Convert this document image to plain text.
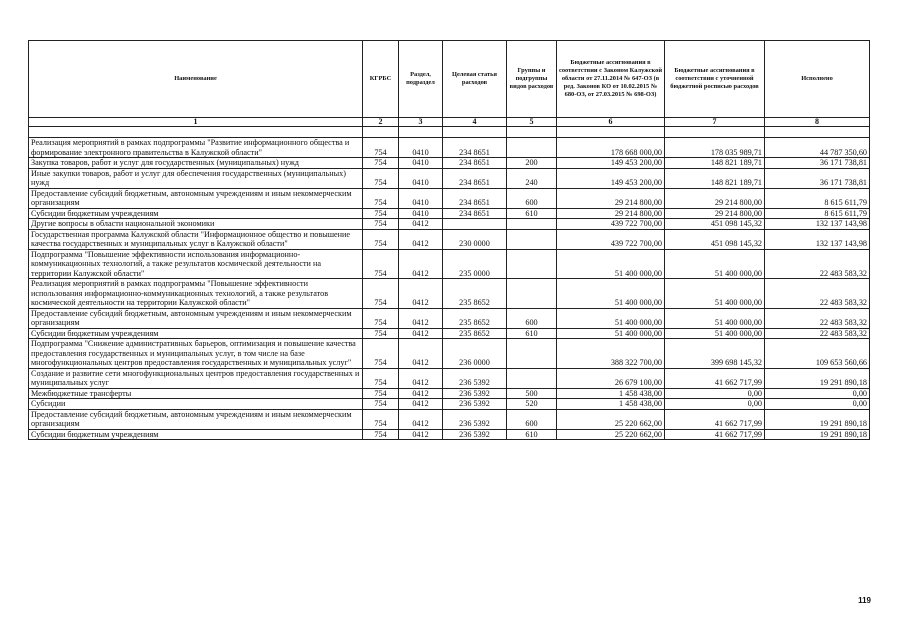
Наименование	КГРБС	Раздел, подраздел	Целевая статья расходов	Группы и подгруппы видов расходов	Бюджетные ассигнования в соответствии с Законом Калужской области от 27.11.2014 № 647-ОЗ (в ред. Законов КО от 10.02.2015 № 680-ОЗ, от 27.03.2015 № 698-ОЗ)	Бюджетные ассигнования в соответствии с уточненной бюджетной росписью расходов	Исполнено
1	2	3	4	5	6	7	8

Реализация мероприятий в рамках подпрограммы "Развитие информационного общества и формирование электронного правительства в Калужской области"	754	0410	234 8651		178 668 000,00	178 035 989,71	44 787 350,60
Закупка товаров, работ и услуг для государственных (муниципальных) нужд	754	0410	234 8651	200	149 453 200,00	148 821 189,71	36 171 738,81
Иные закупки товаров, работ и услуг для обеспечения государственных (муниципальных) нужд	754	0410	234 8651	240	149 453 200,00	148 821 189,71	36 171 738,81
Предоставление субсидий бюджетным, автономным учреждениям и иным некоммерческим организациям	754	0410	234 8651	600	29 214 800,00	29 214 800,00	8 615 611,79
Субсидии бюджетным учреждениям	754	0410	234 8651	610	29 214 800,00	29 214 800,00	8 615 611,79
Другие вопросы в области национальной экономики	754	0412			439 722 700,00	451 098 145,32	132 137 143,98
Государственная программа Калужской области "Информационное общество и повышение качества государственных и муниципальных услуг в Калужской области"	754	0412	230 0000		439 722 700,00	451 098 145,32	132 137 143,98
Подпрограмма "Повышение эффективности использования информационно-коммуникационных технологий, а также результатов космической деятельности на территории Калужской области"	754	0412	235 0000		51 400 000,00	51 400 000,00	22 483 583,32
Реализация мероприятий в рамках подпрограммы "Повышение эффективности использования информационно-коммуникационных технологий, а также результатов космической деятельности на территории Калужской области"	754	0412	235 8652		51 400 000,00	51 400 000,00	22 483 583,32
Предоставление субсидий бюджетным, автономным учреждениям и иным некоммерческим организациям	754	0412	235 8652	600	51 400 000,00	51 400 000,00	22 483 583,32
Субсидии бюджетным учреждениям	754	0412	235 8652	610	51 400 000,00	51 400 000,00	22 483 583,32
Подпрограмма "Снижение административных барьеров, оптимизация и повышение качества предоставления государственных и муниципальных услуг, в том числе на базе многофункциональных центров предоставления государственных и муниципальных услуг"	754	0412	236 0000		388 322 700,00	399 698 145,32	109 653 560,66
Создание и развитие сети многофункциональных центров предоставления государственных и муниципальных услуг	754	0412	236 5392		26 679 100,00	41 662 717,99	19 291 890,18
Межбюджетные трансферты	754	0412	236 5392	500	1 458 438,00	0,00	0,00
Субсидии	754	0412	236 5392	520	1 458 438,00	0,00	0,00
Предоставление субсидий бюджетным, автономным учреждениям и иным некоммерческим организациям	754	0412	236 5392	600	25 220 662,00	41 662 717,99	19 291 890,18
Субсидии бюджетным учреждениям	754	0412	236 5392	610	25 220 662,00	41 662 717,99	19 291 890,18
119
